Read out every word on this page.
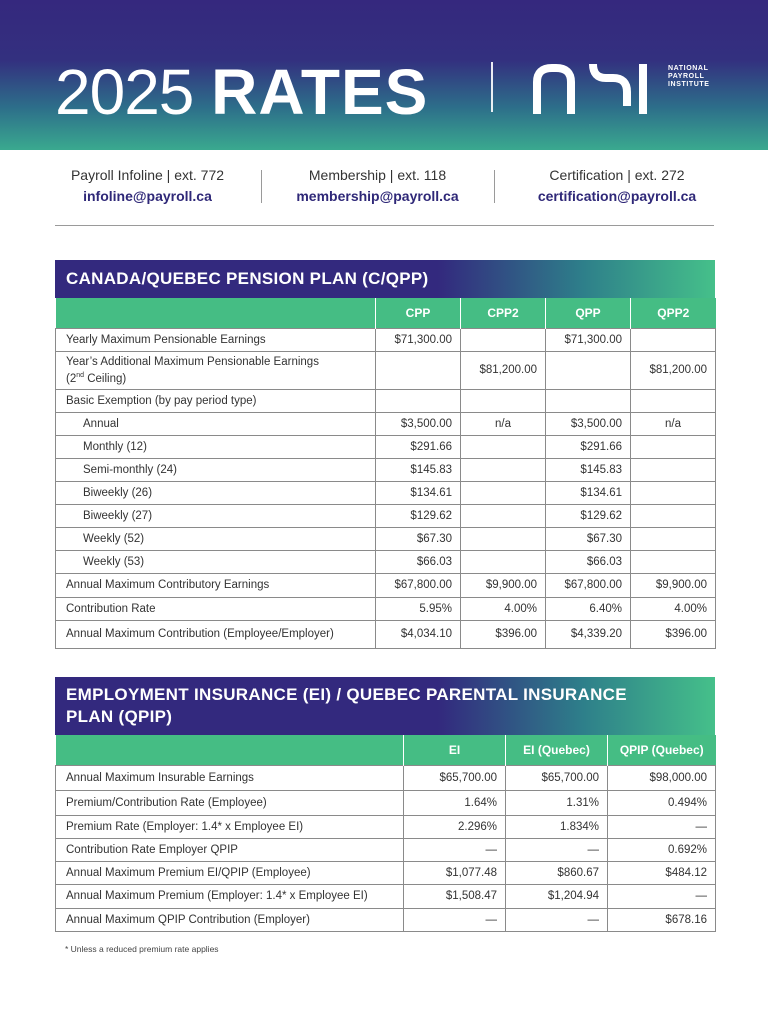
2025 RATES	NATIONAL
PAYROLL
INSTITUTE
Payroll Infoline | ext. 772
infoline@payroll.ca
Membership | ext. 118
membership@payroll.ca
Certification | ext. 272
certification@payroll.ca
CANADA/QUEBEC PENSION PLAN (C/QPP)
	CPP	CPP2	QPP	QPP2
Yearly Maximum Pensionable Earnings	$71,300.00		$71,300.00	
Year’s Additional Maximum Pensionable Earnings
(2nd Ceiling)		$81,200.00		$81,200.00
Basic Exemption (by pay period type)				
Annual	$3,500.00	n/a	$3,500.00	n/a
Monthly (12)	$291.66		$291.66	
Semi-monthly (24)	$145.83		$145.83	
Biweekly (26)	$134.61		$134.61	
Biweekly (27)	$129.62		$129.62	
Weekly (52)	$67.30		$67.30	
Weekly (53)	$66.03		$66.03	
Annual Maximum Contributory Earnings	$67,800.00	$9,900.00	$67,800.00	$9,900.00
Contribution Rate	5.95%	4.00%	6.40%	4.00%
Annual Maximum Contribution (Employee/Employer)	$4,034.10	$396.00	$4,339.20	$396.00
EMPLOYMENT INSURANCE (EI) / QUEBEC PARENTAL INSURANCE
PLAN (QPIP)
	EI	EI (Quebec)	QPIP (Quebec)
Annual Maximum Insurable Earnings	$65,700.00	$65,700.00	$98,000.00
Premium/Contribution Rate (Employee)	1.64%	1.31%	0.494%
Premium Rate (Employer: 1.4* x Employee EI)	2.296%	1.834%	—
Contribution Rate Employer QPIP	—	—	0.692%
Annual Maximum Premium EI/QPIP (Employee)	$1,077.48	$860.67	$484.12
Annual Maximum Premium (Employer: 1.4* x Employee EI)	$1,508.47	$1,204.94	—
Annual Maximum QPIP Contribution (Employer)	—	—	$678.16
* Unless a reduced premium rate applies
